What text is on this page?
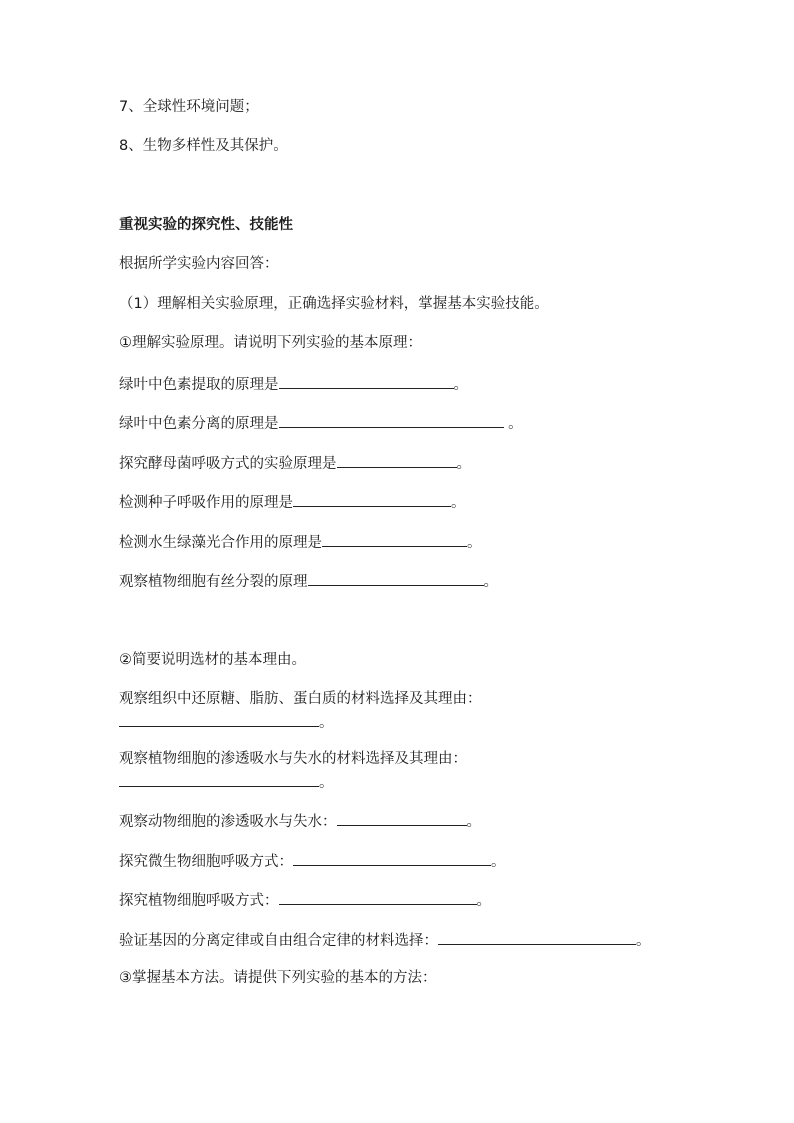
7、全球性环境问题；
8、生物多样性及其保护。
重视实验的探究性、技能性
根据所学实验内容回答：
（1）理解相关实验原理，正确选择实验材料，掌握基本实验技能。
①理解实验原理。请说明下列实验的基本原理：
绿叶中色素提取的原理是	。
绿叶中色素分离的原理是	。
探究酵母菌呼吸方式的实验原理是	。
检测种子呼吸作用的原理是	。
检测水生绿藻光合作用的原理是	。
观察植物细胞有丝分裂的原理	。
②简要说明选材的基本理由。
观察组织中还原糖、脂肪、蛋白质的材料选择及其理由：
。
观察植物细胞的渗透吸水与失水的材料选择及其理由：
。
观察动物细胞的渗透吸水与失水：	。
探究微生物细胞呼吸方式：	。
探究植物细胞呼吸方式：	。
验证基因的分离定律或自由组合定律的材料选择：	。
③掌握基本方法。请提供下列实验的基本的方法：
